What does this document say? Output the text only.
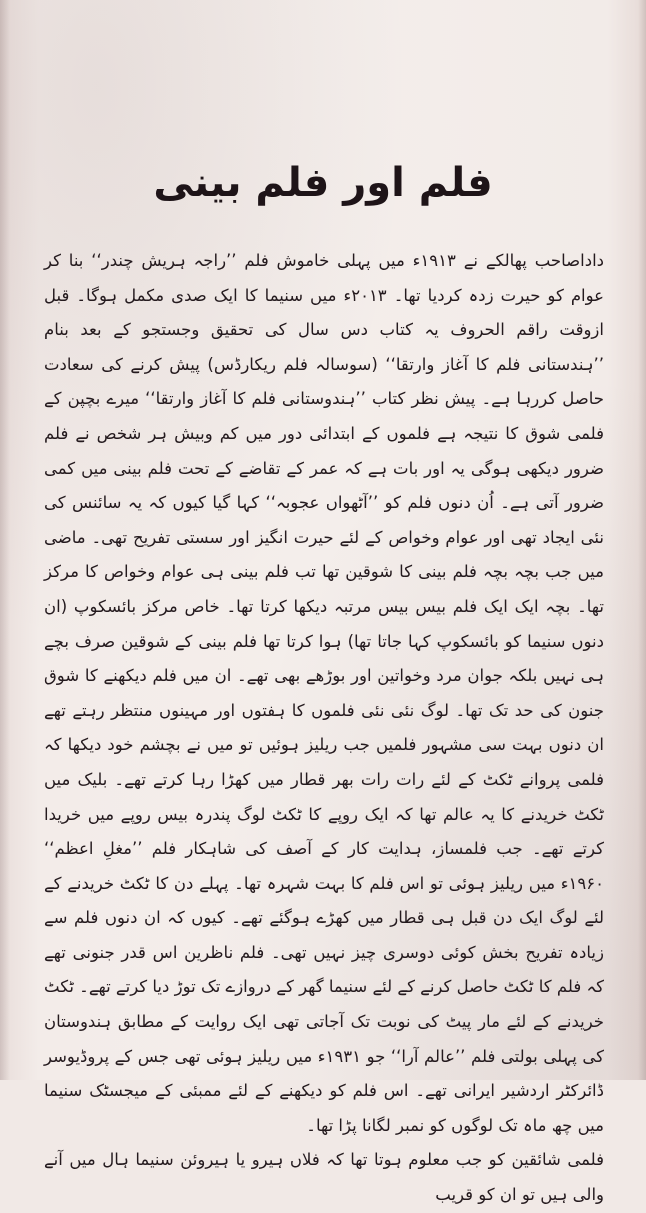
فلم اور فلم بینی

داداصاحب پھالکے نے ۱۹۱۳ء میں پہلی خاموش فلم ’’راجہ ہریش چندر‘‘ بنا کر عوام کو حیرت زدہ کردیا تھا۔ ۲۰۱۳ء میں سنیما کا ایک صدی مکمل ہوگا۔ قبل ازوقت راقم الحروف یہ کتاب دس سال کی تحقیق وجستجو کے بعد بنام ’’ہندستانی فلم کا آغاز وارتقا‘‘ (سوسالہ فلم ریکارڈس) پیش کرنے کی سعادت حاصل کررہا ہے۔ پیش نظر کتاب ’’ہندوستانی فلم کا آغاز وارتقا‘‘ میرے بچپن کے فلمی شوق کا نتیجہ ہے فلموں کے ابتدائی دور میں کم وبیش ہر شخص نے فلم ضرور دیکھی ہوگی یہ اور بات ہے کہ عمر کے تقاضے کے تحت فلم بینی میں کمی ضرور آتی ہے۔ اُن دنوں فلم کو ’’آٹھواں عجوبہ‘‘ کہا گیا کیوں کہ یہ سائنس کی نئی ایجاد تھی اور عوام وخواص کے لئے حیرت انگیز اور سستی تفریح تھی۔ ماضی میں جب بچہ بچہ فلم بینی کا شوقین تھا تب فلم بینی ہی عوام وخواص کا مرکز تھا۔ بچہ ایک ایک فلم بیس بیس مرتبہ دیکھا کرتا تھا۔ خاص مرکز بائسکوپ (ان دنوں سنیما کو بائسکوپ کہا جاتا تھا) ہوا کرتا تھا فلم بینی کے شوقین صرف بچے ہی نہیں بلکہ جوان مرد وخواتین اور بوڑھے بھی تھے۔ ان میں فلم دیکھنے کا شوق جنون کی حد تک تھا۔ لوگ نئی نئی فلموں کا ہفتوں اور مہینوں منتظر رہتے تھے ان دنوں بہت سی مشہور فلمیں جب ریلیز ہوئیں تو میں نے بچشم خود دیکھا کہ فلمی پروانے ٹکٹ کے لئے رات رات بھر قطار میں کھڑا رہا کرتے تھے۔ بلیک میں ٹکٹ خریدنے کا یہ عالم تھا کہ ایک روپے کا ٹکٹ لوگ پندرہ بیس روپے میں خریدا کرتے تھے۔ جب فلمساز، ہدایت کار کے آصف کی شاہکار فلم ’’مغلِ اعظم‘‘ ۱۹۶۰ء میں ریلیز ہوئی تو اس فلم کا بہت شہرہ تھا۔ پہلے دن کا ٹکٹ خریدنے کے لئے لوگ ایک دن قبل ہی قطار میں کھڑے ہوگئے تھے۔ کیوں کہ ان دنوں فلم سے زیادہ تفریح بخش کوئی دوسری چیز نہیں تھی۔ فلم ناظرین اس قدر جنونی تھے کہ فلم کا ٹکٹ حاصل کرنے کے لئے سنیما گھر کے دروازے تک توڑ دیا کرتے تھے۔ ٹکٹ خریدنے کے لئے مار پیٹ کی نوبت تک آجاتی تھی ایک روایت کے مطابق ہندوستان کی پہلی بولتی فلم ’’عالم آرا‘‘ جو ۱۹۳۱ء میں ریلیز ہوئی تھی جس کے پروڈیوسر ڈائرکٹر اردشیر ایرانی تھے۔ اس فلم کو دیکھنے کے لئے ممبئی کے میجسٹک سنیما میں چھ ماہ تک لوگوں کو نمبر لگانا پڑا تھا۔

فلمی شائقین کو جب معلوم ہوتا تھا کہ فلاں ہیرو یا ہیروئن سنیما ہال میں آنے والی ہیں تو ان کو قریب
